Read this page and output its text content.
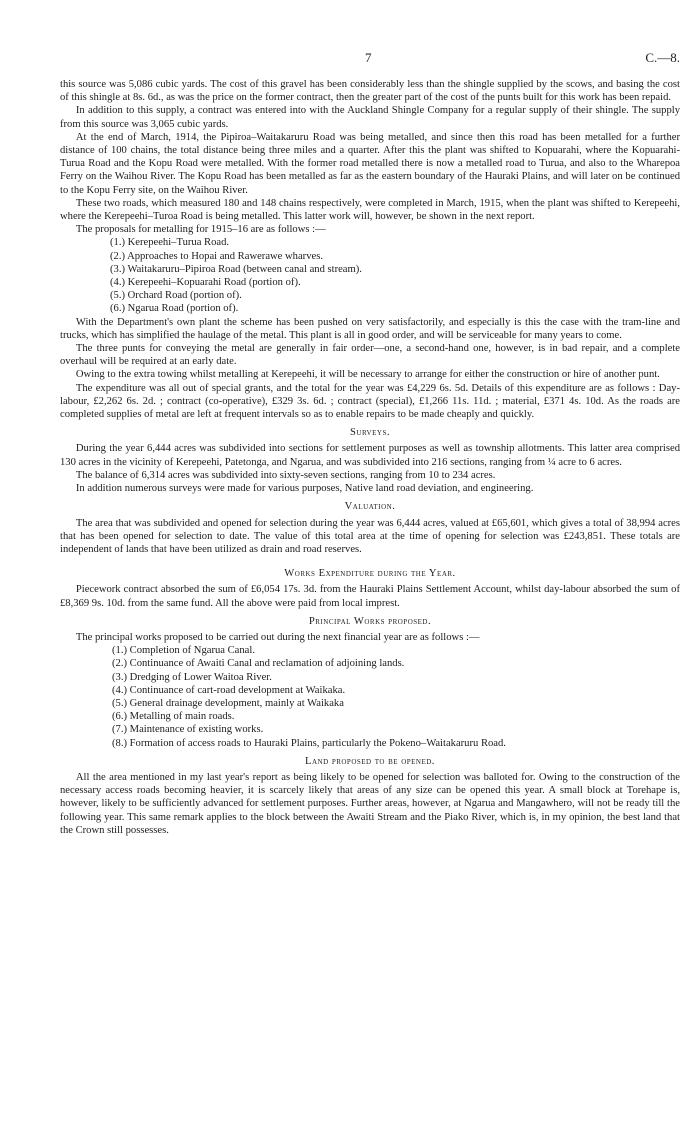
7	C.—8.

this source was 5,086 cubic yards. The cost of this gravel has been considerably less than the shingle supplied by the scows, and basing the cost of this shingle at 8s. 6d., as was the price on the former contract, then the greater part of the cost of the punts built for this work has been repaid.

In addition to this supply, a contract was entered into with the Auckland Shingle Company for a regular supply of their shingle. The supply from this source was 3,065 cubic yards.

At the end of March, 1914, the Pipiroa–Waitakaruru Road was being metalled, and since then this road has been metalled for a further distance of 100 chains, the total distance being three miles and a quarter. After this the plant was shifted to Kopuarahi, where the Kopuarahi-Turua Road and the Kopu Road were metalled. With the former road metalled there is now a metalled road to Turua, and also to the Wharepoa Ferry on the Waihou River. The Kopu Road has been metalled as far as the eastern boundary of the Hauraki Plains, and will later on be continued to the Kopu Ferry site, on the Waihou River.

These two roads, which measured 180 and 148 chains respectively, were completed in March, 1915, when the plant was shifted to Kerepeehi, where the Kerepeehi–Turoa Road is being metalled. This latter work will, however, be shown in the next report.

The proposals for metalling for 1915–16 are as follows :—

(1.) Kerepeehi–Turua Road.
(2.) Approaches to Hopai and Rawerawe wharves.
(3.) Waitakaruru–Pipiroa Road (between canal and stream).
(4.) Kerepeehi–Kopuarahi Road (portion of).
(5.) Orchard Road (portion of).
(6.) Ngarua Road (portion of).

With the Department's own plant the scheme has been pushed on very satisfactorily, and especially is this the case with the tram-line and trucks, which has simplified the haulage of the metal. This plant is all in good order, and will be serviceable for many years to come.

The three punts for conveying the metal are generally in fair order—one, a second-hand one, however, is in bad repair, and a complete overhaul will be required at an early date.

Owing to the extra towing whilst metalling at Kerepeehi, it will be necessary to arrange for either the construction or hire of another punt.

The expenditure was all out of special grants, and the total for the year was £4,229 6s. 5d. Details of this expenditure are as follows : Day-labour, £2,262 6s. 2d. ; contract (co-operative), £329 3s. 6d. ; contract (special), £1,266 11s. 11d. ; material, £371 4s. 10d. As the roads are completed supplies of metal are left at frequent intervals so as to enable repairs to be made cheaply and quickly.

Surveys.

During the year 6,444 acres was subdivided into sections for settlement purposes as well as township allotments. This latter area comprised 130 acres in the vicinity of Kerepeehi, Patetonga, and Ngarua, and was subdivided into 216 sections, ranging from ¼ acre to 6 acres.

The balance of 6,314 acres was subdivided into sixty-seven sections, ranging from 10 to 234 acres.

In addition numerous surveys were made for various purposes, Native land road deviation, and engineering.

Valuation.

The area that was subdivided and opened for selection during the year was 6,444 acres, valued at £65,601, which gives a total of 38,994 acres that has been opened for selection to date. The value of this total area at the time of opening for selection was £243,851. These totals are independent of lands that have been utilized as drain and road reserves.

Works Expenditure during the Year.

Piecework contract absorbed the sum of £6,054 17s. 3d. from the Hauraki Plains Settlement Account, whilst day-labour absorbed the sum of £8,369 9s. 10d. from the same fund. All the above were paid from local imprest.

Principal Works proposed.

The principal works proposed to be carried out during the next financial year are as follows :—

(1.) Completion of Ngarua Canal.
(2.) Continuance of Awaiti Canal and reclamation of adjoining lands.
(3.) Dredging of Lower Waitoa River.
(4.) Continuance of cart-road development at Waikaka.
(5.) General drainage development, mainly at Waikaka
(6.) Metalling of main roads.
(7.) Maintenance of existing works.
(8.) Formation of access roads to Hauraki Plains, particularly the Pokeno–Waitakaruru Road.
Land proposed to be opened.

All the area mentioned in my last year's report as being likely to be opened for selection was balloted for. Owing to the construction of the necessary access roads becoming heavier, it is scarcely likely that areas of any size can be opened this year. A small block at Torehape is, however, likely to be sufficiently advanced for settlement purposes. Further areas, however, at Ngarua and Mangawhero, will not be ready till the following year. This same remark applies to the block between the Awaiti Stream and the Piako River, which is, in my opinion, the best land that the Crown still possesses.
